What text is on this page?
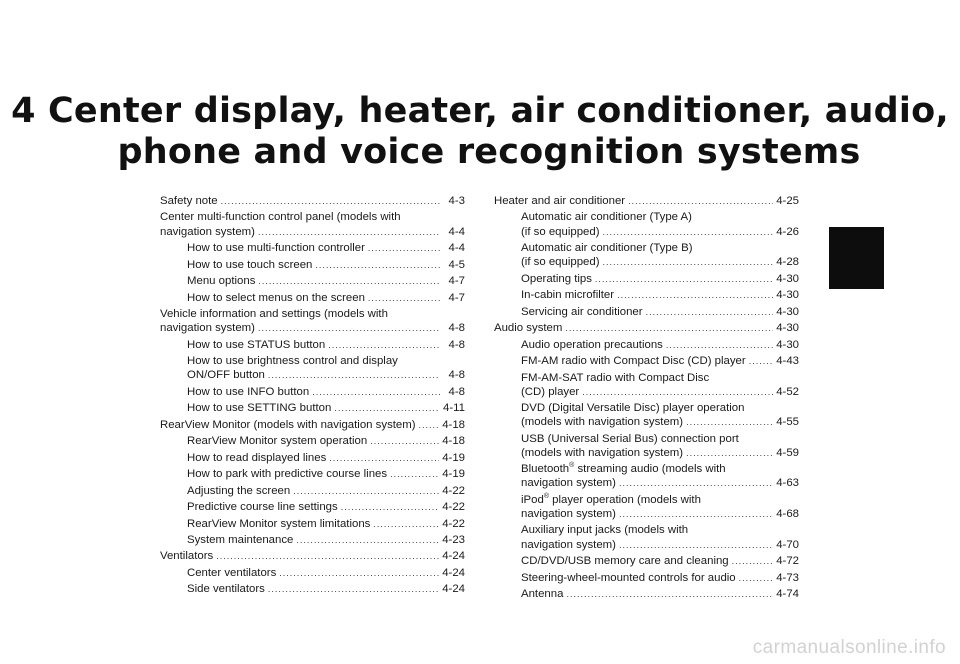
4 Center display, heater, air conditioner, audio,
phone and voice recognition systems
Safety note .....	4-3
Center multi-function control panel (models with
navigation system) .....	4-4
How to use multi-function controller .....	4-4
How to use touch screen .....	4-5
Menu options .....	4-7
How to select menus on the screen .....	4-7
Vehicle information and settings (models with
navigation system) .....	4-8
How to use STATUS button .....	4-8
How to use brightness control and display
ON/OFF button .....	4-8
How to use INFO button .....	4-8
How to use SETTING button .....	4-11
RearView Monitor (models with navigation system) ..... 4-18
RearView Monitor system operation .....	4-18
How to read displayed lines .....	4-19
How to park with predictive course lines .....	4-19
Adjusting the screen .....	4-22
Predictive course line settings .....	4-22
RearView Monitor system limitations .....	4-22
System maintenance .....	4-23
Ventilators .....	4-24
Center ventilators .....	4-24
Side ventilators .....	4-24
Heater and air conditioner .....	4-25
Automatic air conditioner (Type A)
(if so equipped) .....	4-26
Automatic air conditioner (Type B)
(if so equipped) .....	4-28
Operating tips .....	4-30
In-cabin microfilter .....	4-30
Servicing air conditioner .....	4-30
Audio system .....	4-30
Audio operation precautions .....	4-30
FM-AM radio with Compact Disc (CD) player .....	4-43
FM-AM-SAT radio with Compact Disc
(CD) player .....	4-52
DVD (Digital Versatile Disc) player operation
(models with navigation system) .....	4-55
USB (Universal Serial Bus) connection port
(models with navigation system) .....	4-59
Bluetooth® streaming audio (models with
navigation system) .....	4-63
iPod® player operation (models with
navigation system) .....	4-68
Auxiliary input jacks (models with
navigation system) .....	4-70
CD/DVD/USB memory care and cleaning .....	4-72
Steering-wheel-mounted controls for audio .....	4-73
Antenna .....	4-74
carmanualsonline.info
